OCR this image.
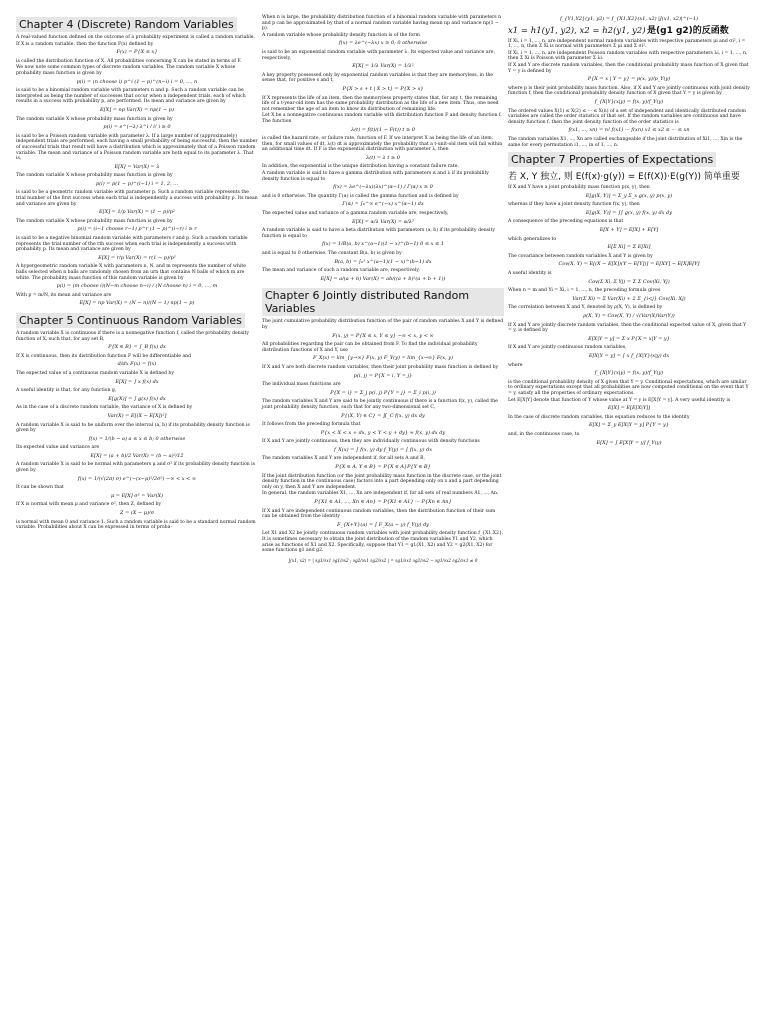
Chapter 4 (Discrete) Random Variables

A real-valued function defined on the outcome of a probability experiment is called a random variable.

If X is a random variable, then the function F(x) defined by

F(x) = P{X ≤ x}

is called the distribution function of X. All probabilities concerning X can be stated in terms of F.

We now note some common types of discrete random variables. The random variable X whose probability mass function is given by

p(i) = (n choose i) p^i (1 − p)^(n−i) i = 0, ..., n

is said to be a binomial random variable with parameters n and p. Such a random variable can be interpreted as being the number of successes that occur when n independent trials, each of which results in a success with probability p, are performed. Its mean and variance are given by

E[X] = np Var(X) = np(1 − p)

The random variable X whose probability mass function is given by

p(i) = e^(−λ) λ^i / i! i ≥ 0

is said to be a Poisson random variable with parameter λ. If a large number of (approximately) independent trials are performed, each having a small probability of being successful, then the number of successful trials that result will have a distribution which is approximately that of a Poisson random variable. The mean and variance of a Poisson random variable are both equal to its parameter λ. That is,

E[X] = Var(X) = λ

The random variable X whose probability mass function is given by

p(i) = p(1 − p)^(i−1) i = 1, 2, ...

is said to be a geometric random variable with parameter p. Such a random variable represents the trial number of the first success when each trial is independently a success with probability p. Its mean and variance are given by

E[X] = 1/p Var(X) = (1 − p)/p²

The random variable X whose probability mass function is given by

p(i) = (i−1 choose r−1) p^r (1 − p)^(i−r) i ≥ r

is said to be a negative binomial random variable with parameters r and p. Such a random variable represents the trial number of the rth success when each trial is independently a success with probability p. Its mean and variance are given by

E[X] = r/p Var(X) = r(1 − p)/p²

A hypergeometric random variable X with parameters n, N, and m represents the number of white balls selected when n balls are randomly chosen from an urn that contains N balls of which m are white. The probability mass function of this random variable is given by

p(i) = (m choose i)(N−m choose n−i) / (N choose n) i = 0, ..., m

With p = m/N, its mean and variance are

E[X] = np Var(X) = (N − n)/(N − 1) np(1 − p)
Chapter 5 Continuous Random Variables

A random variable X is continuous if there is a nonnegative function f, called the probability density function of X, such that, for any set B,

P{X ∈ B} = ∫_B f(x) dx

If X is continuous, then its distribution function F will be differentiable and

d/dx F(x) = f(x)

The expected value of a continuous random variable X is defined by

E[X] = ∫ x f(x) dx

A useful identity is that, for any function g,

E[g(X)] = ∫ g(x) f(x) dx

As in the case of a discrete random variable, the variance of X is defined by

Var(X) = E[(X − E[X])²]

A random variable X is said to be uniform over the interval (a, b) if its probability density function is given by

f(x) = 1/(b − a) a ≤ x ≤ b; 0 otherwise

Its expected value and variance are

E[X] = (a + b)/2 Var(X) = (b − a)²/12

A random variable X is said to be normal with parameters μ and σ² if its probability density function is given by

f(x) = 1/(√(2π) σ) e^(−(x−μ)²/2σ²) −∞ < x < ∞

It can be shown that

μ = E[X] σ² = Var(X)

If X is normal with mean μ and variance σ², then Z, defined by

Z = (X − μ)/σ

is normal with mean 0 and variance 1. Such a random variable is said to be a standard normal random variable. Probabilities about X can be expressed in terms of proba-

When n is large, the probability distribution function of a binomial random variable with parameters n and p can be approximated by that of a normal random variable having mean np and variance np(1 − p).

A random variable whose probability density function is of the form

f(x) = λe^(−λx) x ≥ 0; 0 otherwise

is said to be an exponential random variable with parameter λ. Its expected value and variance are, respectively,

E[X] = 1/λ Var(X) = 1/λ²

A key property possessed only by exponential random variables is that they are memoryless, in the sense that, for positive s and t,

P{X > s + t | X > t} = P{X > s}

If X represents the life of an item, then the memoryless property states that, for any t, the remaining life of a t-year-old item has the same probability distribution as the life of a new item. Thus, one need not remember the age of an item to know its distribution of remaining life.

Let X be a nonnegative continuous random variable with distribution function F and density function f. The function

λ(t) = f(t)/(1 − F(t)) t ≥ 0

is called the hazard rate, or failure rate, function of F. If we interpret X as being the life of an item, then, for small values of dt, λ(t) dt is approximately the probability that a t-unit-old item will fail within an additional time dt. If F is the exponential distribution with parameter λ, then

λ(t) = λ t ≥ 0

In addition, the exponential is the unique distribution having a constant failure rate.

A random variable is said to have a gamma distribution with parameters α and λ if its probability density function is equal to

f(x) = λe^(−λx)(λx)^(α−1) / Γ(α) x ≥ 0

and is 0 otherwise. The quantity Γ(α) is called the gamma function and is defined by

Γ(α) = ∫₀^∞ e^(−x) x^(α−1) dx

The expected value and variance of a gamma random variable are, respectively,

E[X] = α/λ Var(X) = α/λ²

A random variable is said to have a beta distribution with parameters (a, b) if its probability density function is equal to

f(x) = 1/B(a, b) x^(a−1)(1 − x)^(b−1) 0 ≤ x ≤ 1

and is equal to 0 otherwise. The constant B(a, b) is given by

B(a, b) = ∫₀¹ x^(a−1)(1 − x)^(b−1) dx

The mean and variance of such a random variable are, respectively,

E[X] = a/(a + b) Var(X) = ab/((a + b)²(a + b + 1))
Chapter 6 Jointly distributed Random Variables

The joint cumulative probability distribution function of the pair of random variables X and Y is defined by

F(x, y) = P{X ≤ x, Y ≤ y} −∞ < x, y < ∞

All probabilities regarding the pair can be obtained from F. To find the individual probability distribution functions of X and Y, use

F_X(x) = lim_{y→∞} F(x, y) F_Y(y) = lim_{x→∞} F(x, y)

If X and Y are both discrete random variables, then their joint probability mass function is defined by

p(i, j) = P{X = i, Y = j}

The individual mass functions are

P{X = i} = Σ_j p(i, j) P{Y = j} = Σ_i p(i, j)

The random variables X and Y are said to be jointly continuous if there is a function f(x, y), called the joint probability density function, such that for any two-dimensional set C,

P{(X, Y) ∈ C} = ∬_C f(x, y) dx dy

It follows from the preceding formula that

P{x < X < x + dx, y < Y < y + dy} ≈ f(x, y) dx dy

If X and Y are jointly continuous, then they are individually continuous with density functions

f_X(x) = ∫ f(x, y) dy f_Y(y) = ∫ f(x, y) dx

The random variables X and Y are independent if, for all sets A and B,

P{X ∈ A, Y ∈ B} = P{X ∈ A}P{Y ∈ B}

If the joint distribution function (or the joint probability mass function in the discrete case, or the joint density function in the continuous case) factors into a part depending only on x and a part depending only on y, then X and Y are independent.

In general, the random variables X1, ..., Xn are independent if, for all sets of real numbers A1, ..., An,

P{X1 ∈ A1, ..., Xn ∈ An} = P{X1 ∈ A1} ··· P{Xn ∈ An}

If X and Y are independent continuous random variables, then the distribution function of their sum can be obtained from the identity

F_{X+Y}(a) = ∫ F_X(a − y) f_Y(y) dy

Let X1 and X2 be jointly continuous random variables with joint probability density function f_{X1,X2}. It is sometimes necessary to obtain the joint distribution of the random variables Y1 and Y2, which arise as functions of X1 and X2. Specifically, suppose that Y1 = g1(X1, X2) and Y2 = g2(X1, X2) for some functions g1 and g2.

J(x1, x2) = | ∂g1/∂x1 ∂g1/∂x2 ; ∂g2/∂x1 ∂g2/∂x2 | = ∂g1/∂x1 ∂g2/∂x2 − ∂g1/∂x2 ∂g2/∂x1 ≠ 0
f_{Y1,Y2}(y1, y2) = f_{X1,X2}(x1, x2) |J(x1, x2)|^(−1)
x1 = h1(y1, y2), x2 = h2(y1, y2) 是(g1 g2)的反函数

If Xi, i = 1, ..., n, are independent normal random variables with respective parameters μi and σi², i = 1, ..., n, then Σ Xi is normal with parameters Σ μi and Σ σi².

If Xi, i = 1, ..., n, are independent Poisson random variables with respective parameters λi, i = 1, ..., n, then Σ Xi is Poisson with parameter Σ λi.

If X and Y are discrete random variables, then the conditional probability mass function of X given that Y = y is defined by

P{X = x | Y = y} = p(x, y)/p_Y(y)

where p is their joint probability mass function. Also, if X and Y are jointly continuous with joint density function f, then the conditional probability density function of X given that Y = y is given by

f_{X|Y}(x|y) = f(x, y)/f_Y(y)

The ordered values X(1) ≤ X(2) ≤ ··· ≤ X(n) of a set of independent and identically distributed random variables are called the order statistics of that set. If the random variables are continuous and have density function f, then the joint density function of the order statistics is

f(x1, ..., xn) = n! f(x1) ··· f(xn) x1 ≤ x2 ≤ ··· ≤ xn

The random variables X1, ..., Xn are called exchangeable if the joint distribution of Xi1, ..., Xin is the same for every permutation i1, ..., in of 1, ..., n.

Chapter 7 Properties of Expectations
若 X, Y 独立, 则 E(f(x)·g(y)) = E(f(X))·E(g(Y)) 简单重要

If X and Y have a joint probability mass function p(x, y), then

E[g(X, Y)] = Σ_y Σ_x g(x, y) p(x, y)

whereas if they have a joint density function f(x, y), then

E[g(X, Y)] = ∫∫ g(x, y) f(x, y) dx dy

A consequence of the preceding equations is that

E[X + Y] = E[X] + E[Y]

which generalizes to

E[Σ Xi] = Σ E[Xi]

The covariance between random variables X and Y is given by

Cov(X, Y) = E[(X − E[X])(Y − E[Y])] = E[XY] − E[X]E[Y]

A useful identity is

Cov(Σ Xi, Σ Yj) = Σ Σ Cov(Xi, Yj)

When n = m and Yi = Xi, i = 1, ..., n, the preceding formula gives

Var(Σ Xi) = Σ Var(Xi) + 2 Σ_{i<j} Cov(Xi, Xj)

The correlation between X and Y, denoted by ρ(X, Y), is defined by

ρ(X, Y) = Cov(X, Y) / √(Var(X)Var(Y))

If X and Y are jointly discrete random variables, then the conditional expected value of X, given that Y = y, is defined by

E[X|Y = y] = Σ x P{X = x|Y = y}

If X and Y are jointly continuous random variables,

E[X|Y = y] = ∫ x f_{X|Y}(x|y) dx

where

f_{X|Y}(x|y) = f(x, y)/f_Y(y)

is the conditional probability density of X given that Y = y. Conditional expectations, which are similar to ordinary expectations except that all probabilities are now computed conditional on the event that Y = y, satisfy all the properties of ordinary expectations.

Let E[X|Y] denote that function of Y whose value at Y = y is E[X|Y = y]. A very useful identity is

E[X] = E[E[X|Y]]

In the case of discrete random variables, this equation reduces to the identity

E[X] = Σ_y E[X|Y = y] P{Y = y}

and, in the continuous case, to

E[X] = ∫ E[X|Y = y] f_Y(y)
